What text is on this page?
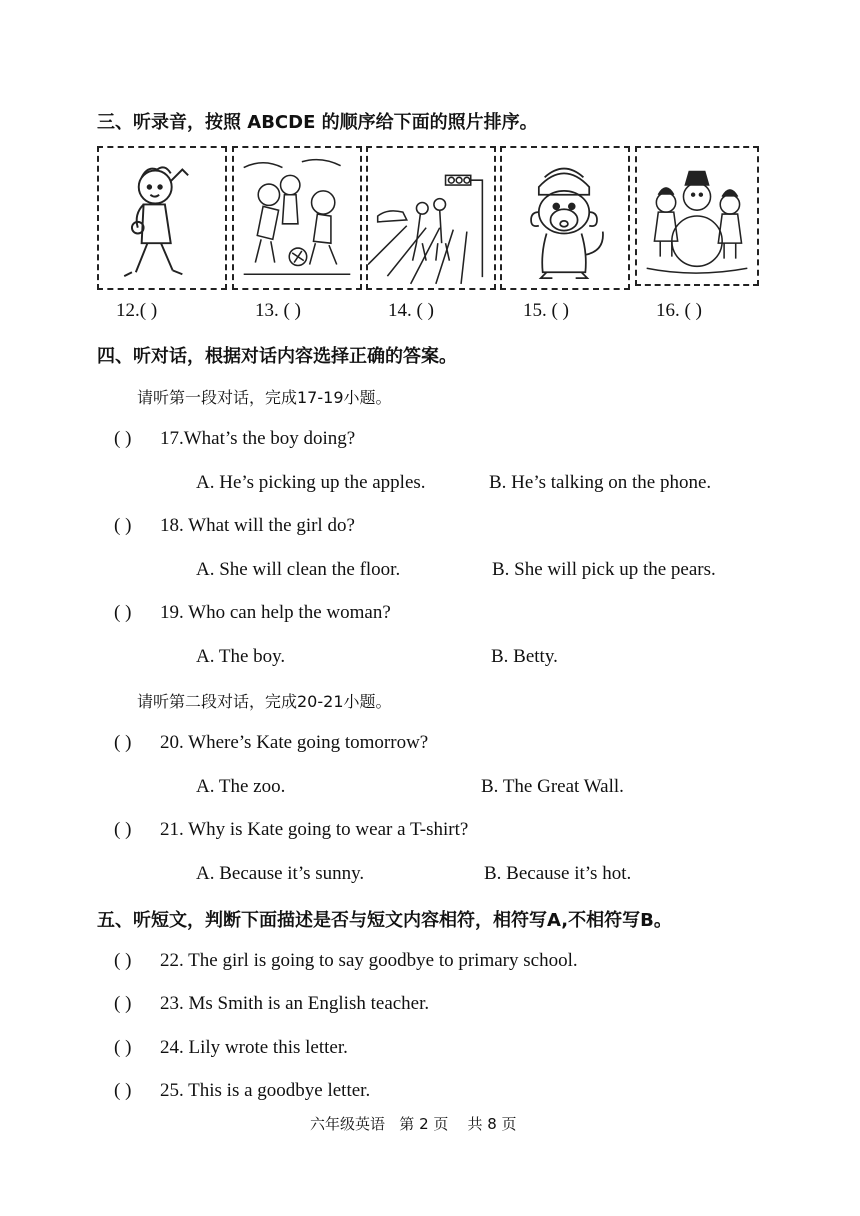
三、听录音，按照 ABCDE 的顺序给下面的照片排序。
12.( )	13. ( )	14. ( )	15. ( )	16. ( )
四、听对话，根据对话内容选择正确的答案。
请听第一段对话，完成17-19小题。
( ) 17.What’s the boy doing?
A. He’s picking up the apples.	B. He’s talking on the phone.
( ) 18. What will the girl do?
A. She will clean the floor.	B. She will pick up the pears.
( ) 19. Who can help the woman?
A. The boy.	B. Betty.
请听第二段对话，完成20-21小题。
( ) 20. Where’s Kate going tomorrow?
A. The zoo.	B. The Great Wall.
( ) 21. Why is Kate going to wear a T-shirt?
A. Because it’s sunny.	B. Because it’s hot.
五、听短文，判断下面描述是否与短文内容相符，相符写A,不相符写B。
( ) 22. The girl is going to say goodbye to primary school.
( ) 23. Ms Smith is an English teacher.
( ) 24. Lily wrote this letter.
( ) 25. This is a goodbye letter.
六年级英语   第 2 页    共 8 页
